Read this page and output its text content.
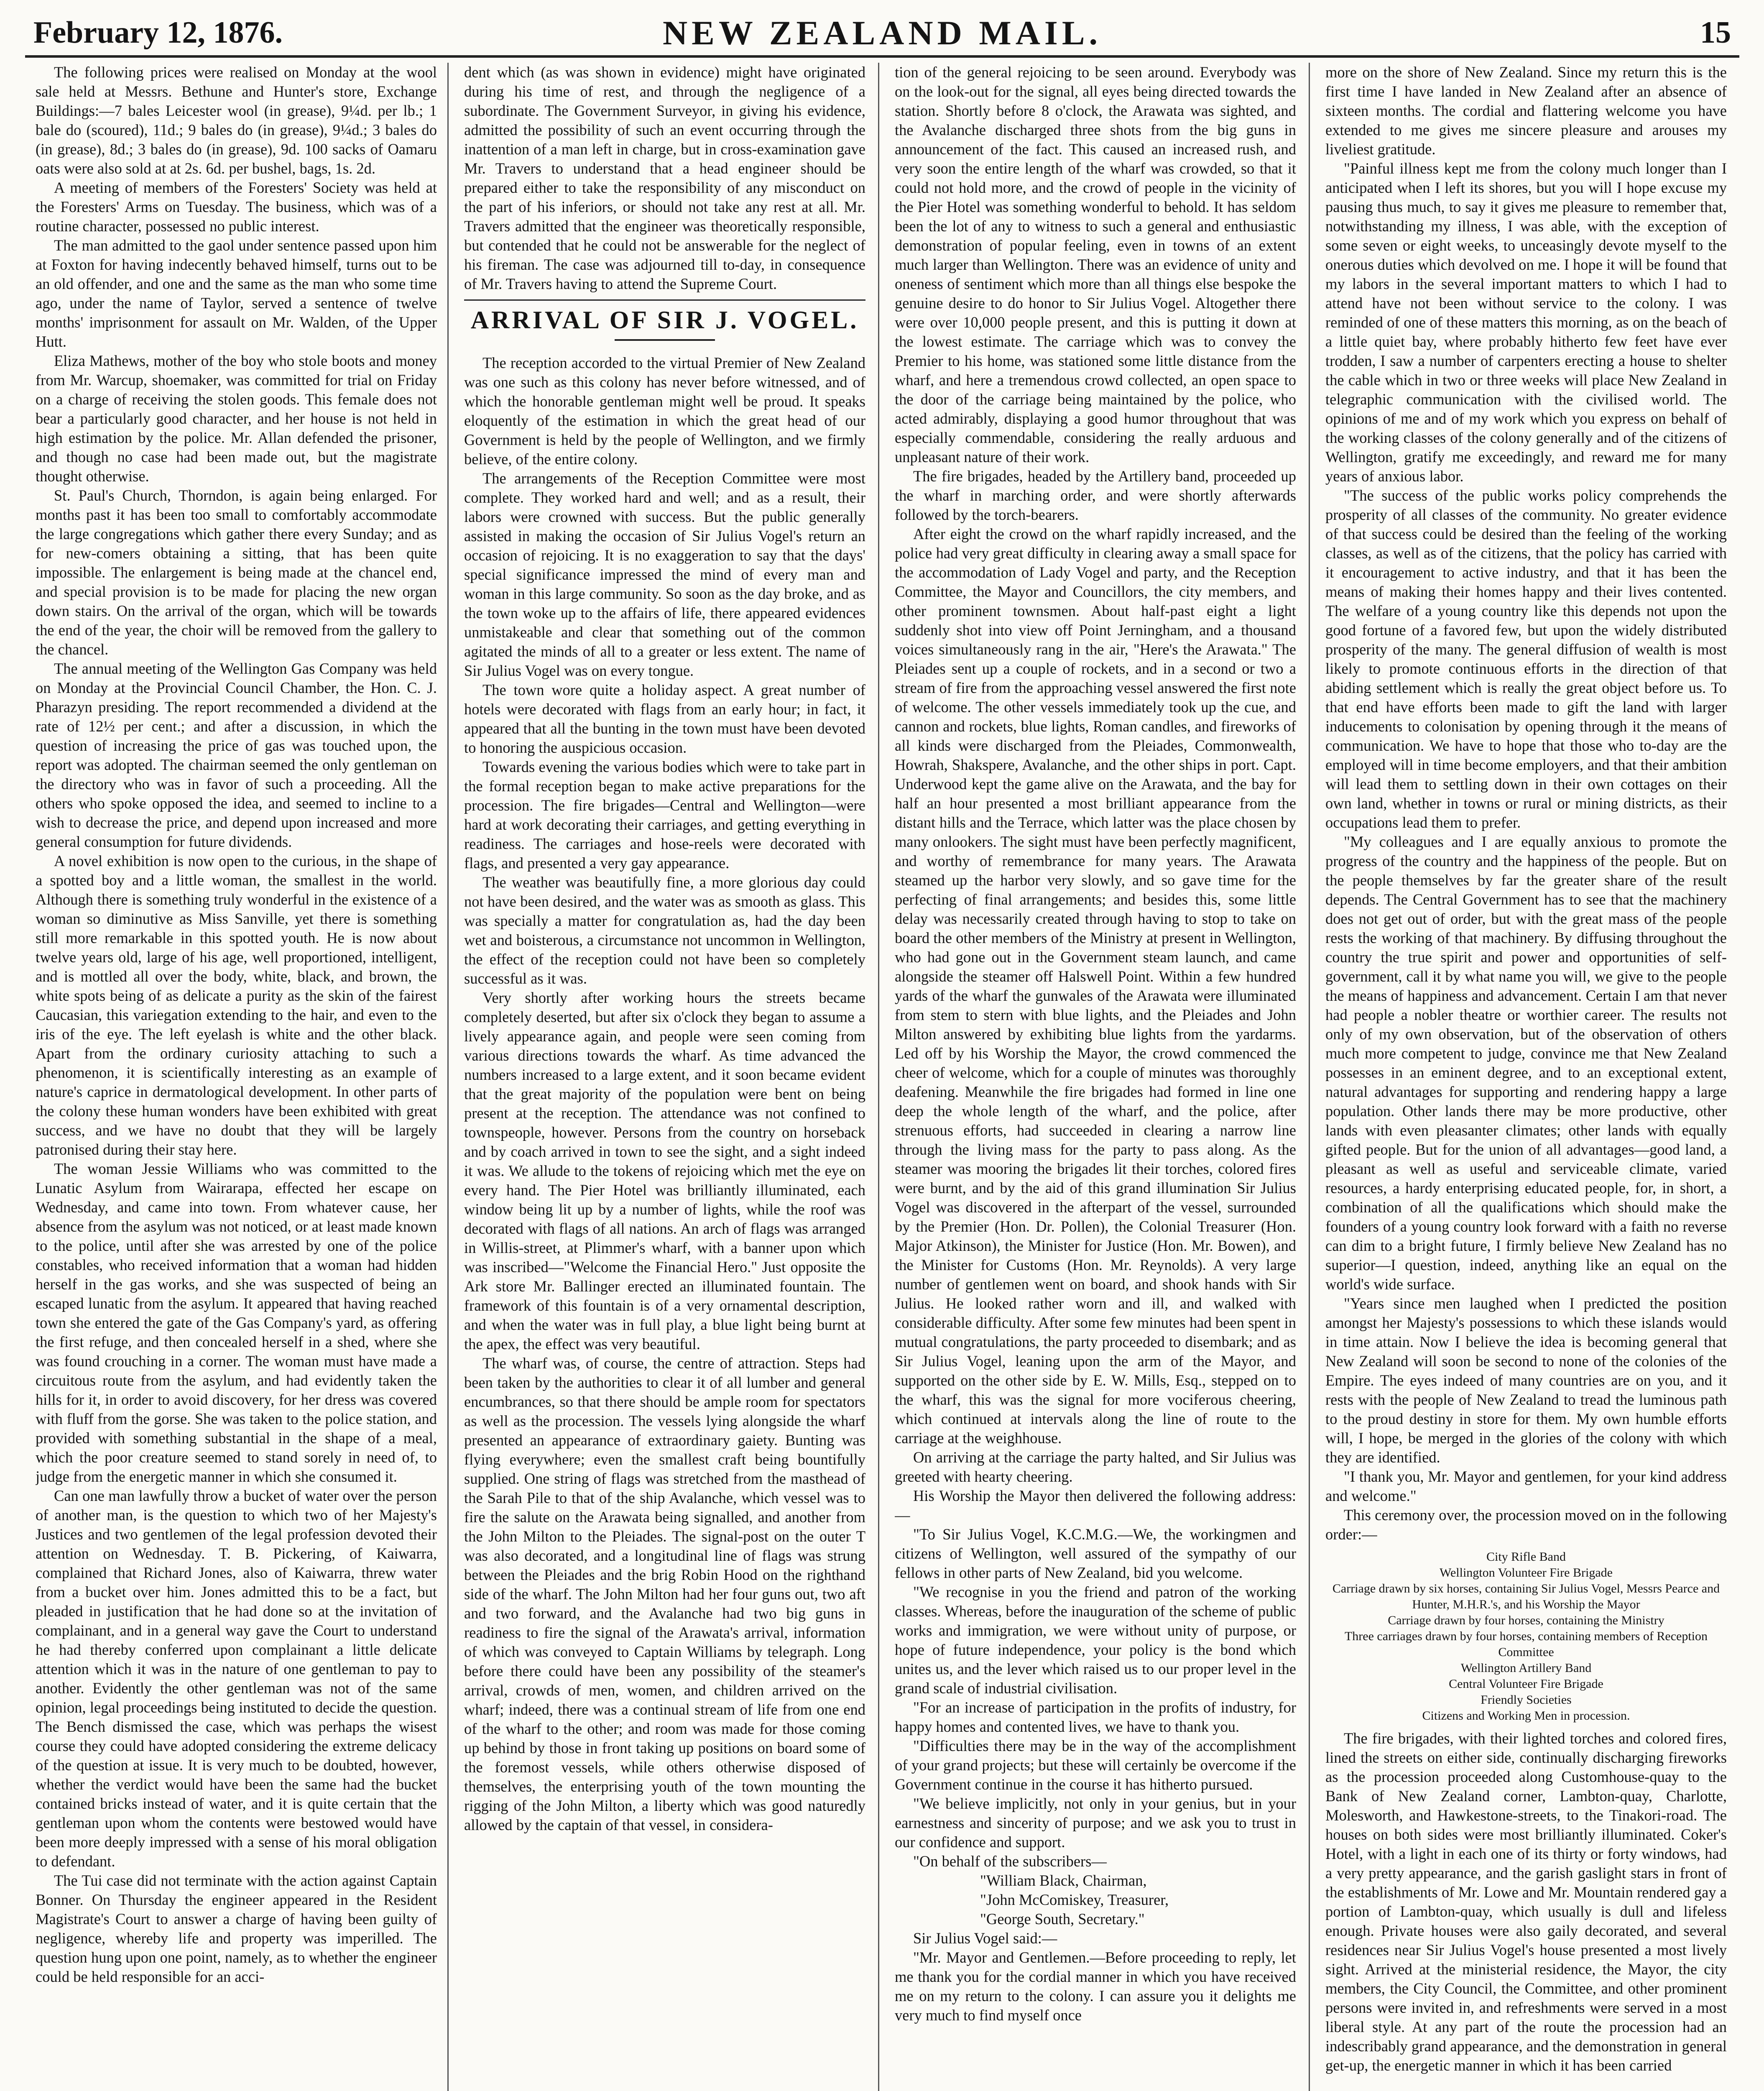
February 12, 1876.	NEW ZEALAND MAIL.	15

The following prices were realised on Monday at the wool sale held at Messrs. Bethune and Hunter's store, Exchange Buildings:—7 bales Leicester wool (in grease), 9¼d. per lb.; 1 bale do (scoured), 11d.; 9 bales do (in grease), 9¼d.; 3 bales do (in grease), 8d.; 3 bales do (in grease), 9d. 100 sacks of Oamaru oats were also sold at at 2s. 6d. per bushel, bags, 1s. 2d.

A meeting of members of the Foresters' Society was held at the Foresters' Arms on Tuesday. The business, which was of a routine character, possessed no public interest.

The man admitted to the gaol under sentence passed upon him at Foxton for having indecently behaved himself, turns out to be an old offender, and one and the same as the man who some time ago, under the name of Taylor, served a sentence of twelve months' imprisonment for assault on Mr. Walden, of the Upper Hutt.

Eliza Mathews, mother of the boy who stole boots and money from Mr. Warcup, shoemaker, was committed for trial on Friday on a charge of receiving the stolen goods. This female does not bear a particularly good character, and her house is not held in high estimation by the police. Mr. Allan defended the prisoner, and though no case had been made out, but the magistrate thought otherwise.

St. Paul's Church, Thorndon, is again being enlarged. For months past it has been too small to comfortably accommodate the large congregations which gather there every Sunday; and as for new-comers obtaining a sitting, that has been quite impossible. The enlargement is being made at the chancel end, and special provision is to be made for placing the new organ down stairs. On the arrival of the organ, which will be towards the end of the year, the choir will be removed from the gallery to the chancel.

The annual meeting of the Wellington Gas Company was held on Monday at the Provincial Council Chamber, the Hon. C. J. Pharazyn presiding. The report recommended a dividend at the rate of 12½ per cent.; and after a discussion, in which the question of increasing the price of gas was touched upon, the report was adopted. The chairman seemed the only gentleman on the directory who was in favor of such a proceeding. All the others who spoke opposed the idea, and seemed to incline to a wish to decrease the price, and depend upon increased and more general consumption for future dividends.

A novel exhibition is now open to the curious, in the shape of a spotted boy and a little woman, the smallest in the world. Although there is something truly wonderful in the existence of a woman so diminutive as Miss Sanville, yet there is something still more remarkable in this spotted youth. He is now about twelve years old, large of his age, well proportioned, intelligent, and is mottled all over the body, white, black, and brown, the white spots being of as delicate a purity as the skin of the fairest Caucasian, this variegation extending to the hair, and even to the iris of the eye. The left eyelash is white and the other black. Apart from the ordinary curiosity attaching to such a phenomenon, it is scientifically interesting as an example of nature's caprice in dermatological development. In other parts of the colony these human wonders have been exhibited with great success, and we have no doubt that they will be largely patronised during their stay here.

The woman Jessie Williams who was committed to the Lunatic Asylum from Wairarapa, effected her escape on Wednesday, and came into town. From whatever cause, her absence from the asylum was not noticed, or at least made known to the police, until after she was arrested by one of the police constables, who received information that a woman had hidden herself in the gas works, and she was suspected of being an escaped lunatic from the asylum. It appeared that having reached town she entered the gate of the Gas Company's yard, as offering the first refuge, and then concealed herself in a shed, where she was found crouching in a corner. The woman must have made a circuitous route from the asylum, and had evidently taken the hills for it, in order to avoid discovery, for her dress was covered with fluff from the gorse. She was taken to the police station, and provided with something substantial in the shape of a meal, which the poor creature seemed to stand sorely in need of, to judge from the energetic manner in which she consumed it.

Can one man lawfully throw a bucket of water over the person of another man, is the question to which two of her Majesty's Justices and two gentlemen of the legal profession devoted their attention on Wednesday. T. B. Pickering, of Kaiwarra, complained that Richard Jones, also of Kaiwarra, threw water from a bucket over him. Jones admitted this to be a fact, but pleaded in justification that he had done so at the invitation of complainant, and in a general way gave the Court to understand he had thereby conferred upon complainant a little delicate attention which it was in the nature of one gentleman to pay to another. Evidently the other gentleman was not of the same opinion, legal proceedings being instituted to decide the question. The Bench dismissed the case, which was perhaps the wisest course they could have adopted considering the extreme delicacy of the question at issue. It is very much to be doubted, however, whether the verdict would have been the same had the bucket contained bricks instead of water, and it is quite certain that the gentleman upon whom the contents were bestowed would have been more deeply impressed with a sense of his moral obligation to defendant.

The Tui case did not terminate with the action against Captain Bonner. On Thursday the engineer appeared in the Resident Magistrate's Court to answer a charge of having been guilty of negligence, whereby life and property was imperilled. The question hung upon one point, namely, as to whether the engineer could be held responsible for an acci-

dent which (as was shown in evidence) might have originated during his time of rest, and through the negligence of a subordinate. The Government Surveyor, in giving his evidence, admitted the possibility of such an event occurring through the inattention of a man left in charge, but in cross-examination gave Mr. Travers to understand that a head engineer should be prepared either to take the responsibility of any misconduct on the part of his inferiors, or should not take any rest at all. Mr. Travers admitted that the engineer was theoretically responsible, but contended that he could not be answerable for the neglect of his fireman. The case was adjourned till to-day, in consequence of Mr. Travers having to attend the Supreme Court.

ARRIVAL OF SIR J. VOGEL.

The reception accorded to the virtual Premier of New Zealand was one such as this colony has never before witnessed, and of which the honorable gentleman might well be proud. It speaks eloquently of the estimation in which the great head of our Government is held by the people of Wellington, and we firmly believe, of the entire colony.

The arrangements of the Reception Committee were most complete. They worked hard and well; and as a result, their labors were crowned with success. But the public generally assisted in making the occasion of Sir Julius Vogel's return an occasion of rejoicing. It is no exaggeration to say that the days' special significance impressed the mind of every man and woman in this large community. So soon as the day broke, and as the town woke up to the affairs of life, there appeared evidences unmistakeable and clear that something out of the common agitated the minds of all to a greater or less extent. The name of Sir Julius Vogel was on every tongue.

The town wore quite a holiday aspect. A great number of hotels were decorated with flags from an early hour; in fact, it appeared that all the bunting in the town must have been devoted to honoring the auspicious occasion.

Towards evening the various bodies which were to take part in the formal reception began to make active preparations for the procession. The fire brigades—Central and Wellington—were hard at work decorating their carriages, and getting everything in readiness. The carriages and hose-reels were decorated with flags, and presented a very gay appearance.

The weather was beautifully fine, a more glorious day could not have been desired, and the water was as smooth as glass. This was specially a matter for congratulation as, had the day been wet and boisterous, a circumstance not uncommon in Wellington, the effect of the reception could not have been so completely successful as it was.

Very shortly after working hours the streets became completely deserted, but after six o'clock they began to assume a lively appearance again, and people were seen coming from various directions towards the wharf. As time advanced the numbers increased to a large extent, and it soon became evident that the great majority of the population were bent on being present at the reception. The attendance was not confined to townspeople, however. Persons from the country on horseback and by coach arrived in town to see the sight, and a sight indeed it was. We allude to the tokens of rejoicing which met the eye on every hand. The Pier Hotel was brilliantly illuminated, each window being lit up by a number of lights, while the roof was decorated with flags of all nations. An arch of flags was arranged in Willis-street, at Plimmer's wharf, with a banner upon which was inscribed—"Welcome the Financial Hero." Just opposite the Ark store Mr. Ballinger erected an illuminated fountain. The framework of this fountain is of a very ornamental description, and when the water was in full play, a blue light being burnt at the apex, the effect was very beautiful.

The wharf was, of course, the centre of attraction. Steps had been taken by the authorities to clear it of all lumber and general encumbrances, so that there should be ample room for spectators as well as the procession. The vessels lying alongside the wharf presented an appearance of extraordinary gaiety. Bunting was flying everywhere; even the smallest craft being bountifully supplied. One string of flags was stretched from the masthead of the Sarah Pile to that of the ship Avalanche, which vessel was to fire the salute on the Arawata being signalled, and another from the John Milton to the Pleiades. The signal-post on the outer T was also decorated, and a longitudinal line of flags was strung between the Pleiades and the brig Robin Hood on the righthand side of the wharf. The John Milton had her four guns out, two aft and two forward, and the Avalanche had two big guns in readiness to fire the signal of the Arawata's arrival, information of which was conveyed to Captain Williams by telegraph. Long before there could have been any possibility of the steamer's arrival, crowds of men, women, and children arrived on the wharf; indeed, there was a continual stream of life from one end of the wharf to the other; and room was made for those coming up behind by those in front taking up positions on board some of the foremost vessels, while others otherwise disposed of themselves, the enterprising youth of the town mounting the rigging of the John Milton, a liberty which was good naturedly allowed by the captain of that vessel, in considera-

tion of the general rejoicing to be seen around. Everybody was on the look-out for the signal, all eyes being directed towards the station. Shortly before 8 o'clock, the Arawata was sighted, and the Avalanche discharged three shots from the big guns in announcement of the fact. This caused an increased rush, and very soon the entire length of the wharf was crowded, so that it could not hold more, and the crowd of people in the vicinity of the Pier Hotel was something wonderful to behold. It has seldom been the lot of any to witness to such a general and enthusiastic demonstration of popular feeling, even in towns of an extent much larger than Wellington. There was an evidence of unity and oneness of sentiment which more than all things else bespoke the genuine desire to do honor to Sir Julius Vogel. Altogether there were over 10,000 people present, and this is putting it down at the lowest estimate. The carriage which was to convey the Premier to his home, was stationed some little distance from the wharf, and here a tremendous crowd collected, an open space to the door of the carriage being maintained by the police, who acted admirably, displaying a good humor throughout that was especially commendable, considering the really arduous and unpleasant nature of their work.

The fire brigades, headed by the Artillery band, proceeded up the wharf in marching order, and were shortly afterwards followed by the torch-bearers.

After eight the crowd on the wharf rapidly increased, and the police had very great difficulty in clearing away a small space for the accommodation of Lady Vogel and party, and the Reception Committee, the Mayor and Councillors, the city members, and other prominent townsmen. About half-past eight a light suddenly shot into view off Point Jerningham, and a thousand voices simultaneously rang in the air, "Here's the Arawata." The Pleiades sent up a couple of rockets, and in a second or two a stream of fire from the approaching vessel answered the first note of welcome. The other vessels immediately took up the cue, and cannon and rockets, blue lights, Roman candles, and fireworks of all kinds were discharged from the Pleiades, Commonwealth, Howrah, Shakspere, Avalanche, and the other ships in port. Capt. Underwood kept the game alive on the Arawata, and the bay for half an hour presented a most brilliant appearance from the distant hills and the Terrace, which latter was the place chosen by many onlookers. The sight must have been perfectly magnificent, and worthy of remembrance for many years. The Arawata steamed up the harbor very slowly, and so gave time for the perfecting of final arrangements; and besides this, some little delay was necessarily created through having to stop to take on board the other members of the Ministry at present in Wellington, who had gone out in the Government steam launch, and came alongside the steamer off Halswell Point. Within a few hundred yards of the wharf the gunwales of the Arawata were illuminated from stem to stern with blue lights, and the Pleiades and John Milton answered by exhibiting blue lights from the yardarms. Led off by his Worship the Mayor, the crowd commenced the cheer of welcome, which for a couple of minutes was thoroughly deafening. Meanwhile the fire brigades had formed in line one deep the whole length of the wharf, and the police, after strenuous efforts, had succeeded in clearing a narrow line through the living mass for the party to pass along. As the steamer was mooring the brigades lit their torches, colored fires were burnt, and by the aid of this grand illumination Sir Julius Vogel was discovered in the afterpart of the vessel, surrounded by the Premier (Hon. Dr. Pollen), the Colonial Treasurer (Hon. Major Atkinson), the Minister for Justice (Hon. Mr. Bowen), and the Minister for Customs (Hon. Mr. Reynolds). A very large number of gentlemen went on board, and shook hands with Sir Julius. He looked rather worn and ill, and walked with considerable difficulty. After some few minutes had been spent in mutual congratulations, the party proceeded to disembark; and as Sir Julius Vogel, leaning upon the arm of the Mayor, and supported on the other side by E. W. Mills, Esq., stepped on to the wharf, this was the signal for more vociferous cheering, which continued at intervals along the line of route to the carriage at the weighhouse.

On arriving at the carriage the party halted, and Sir Julius was greeted with hearty cheering.

His Worship the Mayor then delivered the following address:—

"To Sir Julius Vogel, K.C.M.G.—We, the workingmen and citizens of Wellington, well assured of the sympathy of our fellows in other parts of New Zealand, bid you welcome.

"We recognise in you the friend and patron of the working classes. Whereas, before the inauguration of the scheme of public works and immigration, we were without unity of purpose, or hope of future independence, your policy is the bond which unites us, and the lever which raised us to our proper level in the grand scale of industrial civilisation.

"For an increase of participation in the profits of industry, for happy homes and contented lives, we have to thank you.

"Difficulties there may be in the way of the accomplishment of your grand projects; but these will certainly be overcome if the Government continue in the course it has hitherto pursued.

"We believe implicitly, not only in your genius, but in your earnestness and sincerity of purpose; and we ask you to trust in our confidence and support.

"On behalf of the subscribers—

"William Black, Chairman,

"John McComiskey, Treasurer,

"George South, Secretary."

Sir Julius Vogel said:—

"Mr. Mayor and Gentlemen.—Before proceeding to reply, let me thank you for the cordial manner in which you have received me on my return to the colony. I can assure you it delights me very much to find myself once

more on the shore of New Zealand. Since my return this is the first time I have landed in New Zealand after an absence of sixteen months. The cordial and flattering welcome you have extended to me gives me sincere pleasure and arouses my liveliest gratitude.

"Painful illness kept me from the colony much longer than I anticipated when I left its shores, but you will I hope excuse my pausing thus much, to say it gives me pleasure to remember that, notwithstanding my illness, I was able, with the exception of some seven or eight weeks, to unceasingly devote myself to the onerous duties which devolved on me. I hope it will be found that my labors in the several important matters to which I had to attend have not been without service to the colony. I was reminded of one of these matters this morning, as on the beach of a little quiet bay, where probably hitherto few feet have ever trodden, I saw a number of carpenters erecting a house to shelter the cable which in two or three weeks will place New Zealand in telegraphic communication with the civilised world. The opinions of me and of my work which you express on behalf of the working classes of the colony generally and of the citizens of Wellington, gratify me exceedingly, and reward me for many years of anxious labor.

"The success of the public works policy comprehends the prosperity of all classes of the community. No greater evidence of that success could be desired than the feeling of the working classes, as well as of the citizens, that the policy has carried with it encouragement to active industry, and that it has been the means of making their homes happy and their lives contented. The welfare of a young country like this depends not upon the good fortune of a favored few, but upon the widely distributed prosperity of the many. The general diffusion of wealth is most likely to promote continuous efforts in the direction of that abiding settlement which is really the great object before us. To that end have efforts been made to gift the land with larger inducements to colonisation by opening through it the means of communication. We have to hope that those who to-day are the employed will in time become employers, and that their ambition will lead them to settling down in their own cottages on their own land, whether in towns or rural or mining districts, as their occupations lead them to prefer.

"My colleagues and I are equally anxious to promote the progress of the country and the happiness of the people. But on the people themselves by far the greater share of the result depends. The Central Government has to see that the machinery does not get out of order, but with the great mass of the people rests the working of that machinery. By diffusing throughout the country the true spirit and power and opportunities of self-government, call it by what name you will, we give to the people the means of happiness and advancement. Certain I am that never had people a nobler theatre or worthier career. The results not only of my own observation, but of the observation of others much more competent to judge, convince me that New Zealand possesses in an eminent degree, and to an exceptional extent, natural advantages for supporting and rendering happy a large population. Other lands there may be more productive, other lands with even pleasanter climates; other lands with equally gifted people. But for the union of all advantages—good land, a pleasant as well as useful and serviceable climate, varied resources, a hardy enterprising educated people, for, in short, a combination of all the qualifications which should make the founders of a young country look forward with a faith no reverse can dim to a bright future, I firmly believe New Zealand has no superior—I question, indeed, anything like an equal on the world's wide surface.

"Years since men laughed when I predicted the position amongst her Majesty's possessions to which these islands would in time attain. Now I believe the idea is becoming general that New Zealand will soon be second to none of the colonies of the Empire. The eyes indeed of many countries are on you, and it rests with the people of New Zealand to tread the luminous path to the proud destiny in store for them. My own humble efforts will, I hope, be merged in the glories of the colony with which they are identified.

"I thank you, Mr. Mayor and gentlemen, for your kind address and welcome."

This ceremony over, the procession moved on in the following order:—

City Rifle Band

Wellington Volunteer Fire Brigade

Carriage drawn by six horses, containing Sir Julius Vogel, Messrs Pearce and Hunter, M.H.R.'s, and his Worship the Mayor

Carriage drawn by four horses, containing the Ministry

Three carriages drawn by four horses, containing members of Reception Committee

Wellington Artillery Band

Central Volunteer Fire Brigade

Friendly Societies

Citizens and Working Men in procession.

The fire brigades, with their lighted torches and colored fires, lined the streets on either side, continually discharging fireworks as the procession proceeded along Customhouse-quay to the Bank of New Zealand corner, Lambton-quay, Charlotte, Molesworth, and Hawkestone-streets, to the Tinakori-road. The houses on both sides were most brilliantly illuminated. Coker's Hotel, with a light in each one of its thirty or forty windows, had a very pretty appearance, and the garish gaslight stars in front of the establishments of Mr. Lowe and Mr. Mountain rendered gay a portion of Lambton-quay, which usually is dull and lifeless enough. Private houses were also gaily decorated, and several residences near Sir Julius Vogel's house presented a most lively sight. Arrived at the ministerial residence, the Mayor, the city members, the City Council, the Committee, and other prominent persons were invited in, and refreshments were served in a most liberal style. At any part of the route the procession had an indescribably grand appearance, and the demonstration in general get-up, the energetic manner in which it has been carried
